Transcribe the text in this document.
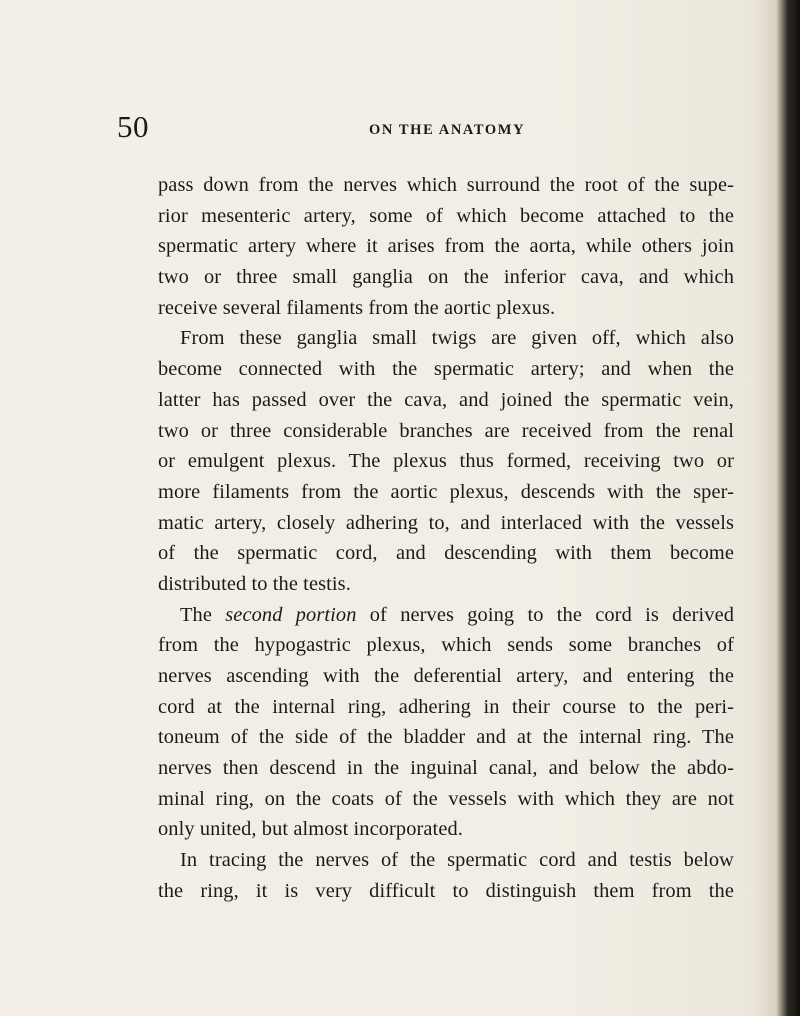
50	ON THE ANATOMY
pass down from the nerves which surround the root of the supe-
rior mesenteric artery, some of which become attached to the
spermatic artery where it arises from the aorta, while others join
two or three small ganglia on the inferior cava, and which
receive several filaments from the aortic plexus.
From these ganglia small twigs are given off, which also
become connected with the spermatic artery; and when the
latter has passed over the cava, and joined the spermatic vein,
two or three considerable branches are received from the renal
or emulgent plexus. The plexus thus formed, receiving two or
more filaments from the aortic plexus, descends with the sper-
matic artery, closely adhering to, and interlaced with the vessels
of the spermatic cord, and descending with them become
distributed to the testis.
The second portion of nerves going to the cord is derived
from the hypogastric plexus, which sends some branches of
nerves ascending with the deferential artery, and entering the
cord at the internal ring, adhering in their course to the peri-
toneum of the side of the bladder and at the internal ring. The
nerves then descend in the inguinal canal, and below the abdo-
minal ring, on the coats of the vessels with which they are not
only united, but almost incorporated.
In tracing the nerves of the spermatic cord and testis below
the ring, it is very difficult to distinguish them from the
